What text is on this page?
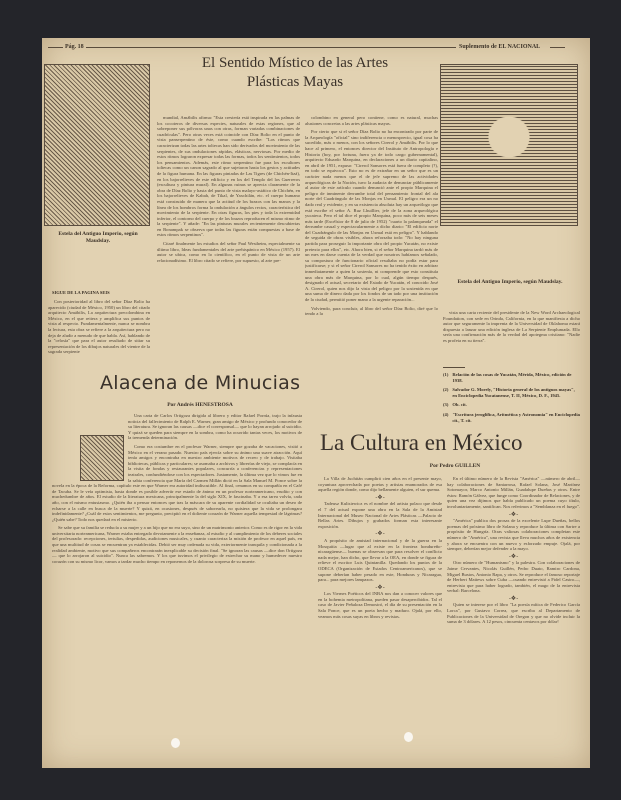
Pág. 18	Suplemento de EL NACIONAL
El Sentido Místico de las Artes
Plásticas Mayas
Estela del Antiguo Imperio, según Maudslay.
SIGUE DE LA PAGINA SEIS

Con posterioridad al libro del señor Díaz Bolio ha aparecido (ciudad de México, 1950) un libro del citado arquitecto Amábilis, La arquitectura precolombina en México, en el que reitera y amplifica sus puntos de vista al respecto. Fundamentalmente, nunca se nombra la lectura, esta obra se refiere a la arquitectura pero no deja de aludir a menudo de que habla. Así, hablando de la "celosía" que para el autor resultado de sitiar su representación de los dibujos naturales del vientre de la sagrada serpiente

mundial, Amábilis afirma: "Esta crestería está inspirada en las palmas de los cocoteros de diversas especies, naturales de estas regiones, que al sobreponer sus pólvoras unas con otras, forman variadas combinaciones de cuadrículas". Pero otras veces está coincide con Díaz Bolio en el punto de vista panserpentino de éste, como cuando escribe: "Los ritmos que caracterizan todas las artes toltecas han sido derivados del movimiento de las serpientes, de sus ondulaciones rápidas, elásticas, nerviosas. Por medio de estos ritmos lograron expresar todas las formas, todos los sentimientos, todos los pensamientos. Además, este ritmo serpentino fue para los escultores toltecas como un canon sagrado al que sujetaron hasta los gestos y actitudes de la figura humana. En las figuras pintadas de Las Tigres (de Chichén-Itzá), en los bajorrelieves de este edificio y en los del Templo del los Guerreros (escultura y pintura mural). En algunas ruinas se aprecia claramente de la obra de Díaz Bolio y hasta del punto de vista malayo-asiático de Chichén, en los bajorrelieves de Kabah, de Tikal, de Yaxchilán, etc. el cuerpo humano está construido de manera que la actitud de los brazos con las manos y la línea de los hombros forma la ondulación a ángulos rectos, característica del movimiento de la serpiente. En otras figuras, los pies y toda la extremidad inferior, el contorno del cuerpo y de los brazos reproducen el mismo ritmo de la serpiente". Y añade: "En las pinturas murales recientemente descubiertas en Bonampak se observa que todas las figuras están compuestas a base de estos ritmos serpentinos".

Citaré finalmente los estudios del señor Paul Westheim, especialmente su último libro, Ideas fundamentales del arte prehispánico en México (1957). El autor se ubica, como en lo científico, en el punto de vista de un arte relacionadísimo. El libro citado se refiere, por supuesto, al arte pre-

colombino en general pero contiene, como es natural, muchas alusiones concretas a las artes plásticas mayas.

Por cierto que si el señor Díaz Bolio no ha encontrado por parte de la Arqueología "oficial" sino indiferencia o menosprecio, igual cosa ha sucedido, más o menos, con los señores Cirerol y Amábilis. Por lo que hace al primero, el entonces director del Instituto de Antropología e Historia (hoy, por fortuna, fuera ya de todo cargo gubernamental), arquitecto Eduardo Marquina, en declaraciones a un diario capitalino, en abril de 1951, expuso: "Cirerol Sansores está fuera de completo (?), en todo se equivoca". Esto no es de extrañar en un señor que es un carácter nada menos que el de jefe supremo de las actividades arqueológicas de la Nación, tuvo la audacia de denunciar públicamente al autor de este artículo cuando denunció ante el propio Marquina el peligro de inminente derrumbe total del pensamiento frontal del ala norte del Cuadrángulo de las Monjas en Uxmal. El peligro era un no dado real y evidente, y en su existencia absoluta hay un arqueólogo que está escribe el señor A. Ruz Lhuillier, jefe de la zona arqueológica yucateca. Pero el tal dice el propio Marquina, poco más de seis meses más tarde (Excélsior de 8 de julio de 1952) "cuarto la palanqueada" el derrumbe casual y espectacularmente a dicho diario: "El edificio norte del Cuadrángulo de las Monjas en Uxmal está en peligro". Y hablando de seguida de obras visibles, ahora reforzaba todo: "No hay ninguna partida para proseguir la importante obra del propio Yucatán, no existe pretexto para ellos", etc. Ahora bien, si el señor Marquina tardó más de un mes en darse cuenta de la verdad que nosotros habíamos señalado, su compostura de funcionario oficial resultaba no podía estar para justificarse; y si el señor Cirerol Sansores no ha tenido éxito en arbitrar inmediatamente a quien la sostenía, ni comprende que esto constituía una obra más de Marquina, por lo cual, algún tiempo después, designado el actual, secretario del Estado de Yucatán, el conocido José A. Cirerol, quien nos dijo la vista del peligro por la sostenida en que una suma de dinero dada por los fondos de un tado por una institución de la ciudad, permitió poner mano a la urgente reparación...

Volviendo, para concluir, al libro del señor Díaz Bolio, diré que lo tendo a la

Estela del Antiguo Imperio, según Maudslay.

vista una carta reciente del presidente de la New Word Archaeological Foundation, con sede en Orinda, California, en la que manifiesta a dicho autor que seguramente la imprenta de la Universidad de Oklahoma estará dispuesta a lanzar una edición inglesa de La Serpiente Emplumada. Ello sería una confirmación más de la verdad del apotegma cristiano: "Nadie es profeta en su tierra".

(1) Relación de las cosas de Yucatán, Mérida, México, edición de 1938.
(2) Salvador G. Morely, "Historia general de los antiguos mayas", en Enciclopedia Yucatanense, T. II, México, D. F., 1945.
(3) Ob. cit.
(4) "Escritura jeroglífica, Aritmética y Astronomía" en Enciclopedia cit., T. cit.
Alacena de Minucias
Por Andrés HENESTROSA

Una carta de Carlos Ortigoza dirigida al librero y editor Rafael Porrúa, trajo la infausta noticia del fallecimiento de Ralph E. Warner, gran amigo de México y profundo conocedor de su literatura. Se ignoran las causas —dice el corresponsal— que lo hayan arrojado al suicidio. Y quizá se queden para siempre en la sombra, como ha ocurrido tantas veces, los motivos de la tremenda determinación.

Como era costumbre en el profesor Warner, siempre que gozaba de vacaciones, visitó a México en el verano pasado. Nuestro país ejercía sobre su ánimo una suave atracción. Aquí tenía amigos y encontraba en nuestro ambiente motivos de recreo y de trabajo. Visitaba bibliotecas, públicas y particulares; se asomaba a archivos y librerías de viejo, se complacía en la visita de fondas y restaurantes populares, concurría a conferencias y representaciones teatrales, confundiéndose con los espectadores. Justamente, la última vez que lo vimos fue en la sabia conferencia que María del Carmen Millán dictó en la Sala Manuel M. Ponce sobre la novela en la época de la Reforma, capítulo este en que Warner era autoridad indiscutible. Al final, cenamos en su compañía en el Café de Tacuba. Se le veía optimista, hasta donde es posible advertir ese estado de ánimo en un profesor norteamericano, erudito y con muchedumbre de años. El estudio de la literatura mexicana, principalmente la del siglo XIX, le fascinaba. Y a esa tarea volvía, cada año, con el mismo entusiasmo. ¿Quién iba a pensar entonces que tras la máscara de su aparente cordialidad se ocultaba un deseo de echarse a la calle en busca de la muerte? Y quizá, en ocasiones, después de saborearla, no quisiera que la vida se prolongara indefinidamente? ¿Cuál de estos sentimientos, me pregunto, precipitó en el doliente corazón de Warner aquella tempestad de lágrimas? ¿Quién sabe? Todo nos quedará en el misterio.

Se sabe que su familia se reducía a su mujer y a un hijo que no era suyo, sino de un matrimonio anterior. Como es de rigor en la vida universitaria norteamericana, Warner estaba entregado devotamente a la enseñanza, al estudio y al cumplimiento de los deberes sociales del profesorado: recepciones, tertulias, despedidas, audiciones musicales, y cuanto caracteriza la misión de profesor en aquel país, en que una multitud de cosas se encuentran ya establecidas. Debió ser muy ordenada su vida, exteriormente tranquila y condicionada a la realidad ambiente, motivo que sus compañeros encontrarán inexplicable su decisión final. "Se ignoran las causas —dice don Ortigoza— que lo arrojaron al suicidio". Nunca las sabremos. Y los que tuvimos el privilegio de estrechar su mano y humedecer nuestro corazón con su mismo licor, vamos a tardar mucho tiempo en reponernos de la dolorosa sorpresa de su muerte.

La Cultura en México
Por Pedro GUILLEN

La Villa de Juchitán cumplirá cien años en el presente mayo, coyuntura aprovechada por poetas y artistas enamorados de esa aquella región donde, como dijo bellamente alguien, el sur quema.

-❖-

Tadeusz Kulisiewicz es el nombre del artista polaco que desde el 7 del actual expone una obra en la Sala de la Amistad Internacional del Museo Nacional de Artes Plásticas —Palacio de Bellas Artes. Dibujos y grabados forman esta interesante exposición.

-❖-

A propósito de amistad internacional y de la guerra en la Mosquitia —lugar que al existe en la frontera hondureño-nicaragüense— buenas se observan que para resolver el conflicto nada mejor, han dicho, que llevar a la OEA, en donde se figura de relieve el escritor Luis Quintanilla. Quedando los puntos de la ODECA (Organización de Estados Centroamericanos), que se supone deberían haber pesado en este, Honduras y Nicaragua, para... para mejores lampazos.

-❖-

Los Viernes Poéticos del INBA nos dan a conocer valores que en la bohemia metropolitana, pueden pasar desapercibidos. Tal el caso de Javier Peñaloza Demostró, el día de su presentación en la Sala Ponce, que es un poeta hecho y maduro. Ojalá, por ello, veamos más cosas suyas en libros y revistas.

En el último número de la Revista "América" —número de abril— hay colaboraciones de Santarrosa, Rafael Solana, José Martínez Sotomayor, Marco Antonio Millán, Guadalupe Dueñas y otros. Entre éstos: Ramón Gálvez, que funge como Coordinador de Relaciones, y de quien una vez dijimos que había publicado un poema cuyo título, involuntariamente, santifican. Nos referimos a "Semblanza en el fuego".

-❖-

"América" publica dos prosas de la excelente Lupe Dueñas, bellos poemas del próximo libro de Solana y reproduce la última con Sartre a propósito de Hungría. Otras valiosas colaboraciones completan este número de "América", una revista que lleva muchos años de existencia y ahora se encuentra con un nuevo y esforzado empuje. Ojalá, por siempre, deberían mejor defender a la mayo.

-❖-

Otro número de "Humanismo" y la palestra. Con colaboraciones de Jaime Cervantes, Nicolás Guillén, Pedro Duato, Ramiro Cardona, Miguel Bustos, Antonio Rapa, y otros. Se reproduce el famoso reportaje de Herbert Mattews sobre Cuba —cuando entrevistó a Fidel Castro—, entrevista que para haber logrado, también, el mago de la entrevista verbal: Barcelona.

-❖-

Quien se interese por el libro "La poesía mítica de Federico García Lorca", por Gustavo Correa, que escriba al Departamento de Publicaciones de la Universidad de Oregon y que no olvide incluir la suma de 3 dólares. A 12 pesos, cincuenta centavos por dólar!
